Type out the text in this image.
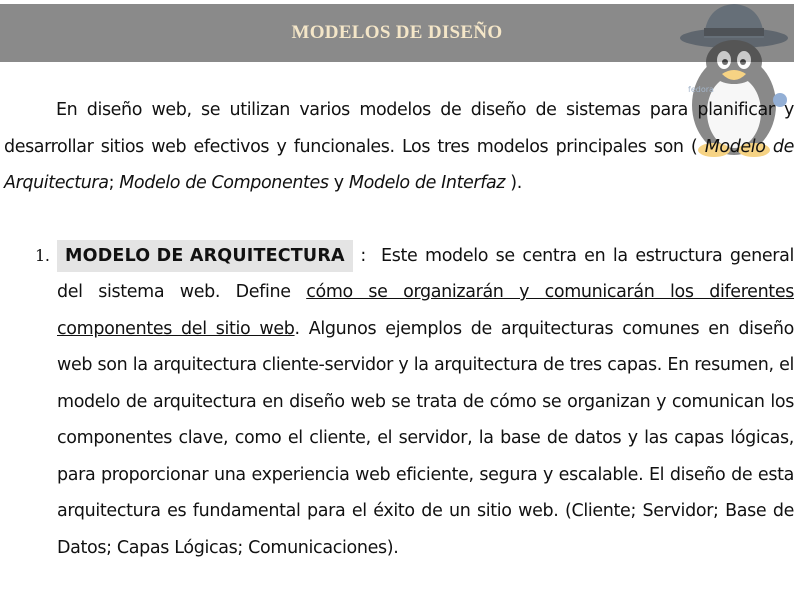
MODELOS DE DISEÑO
fedora

En diseño web, se utilizan varios modelos de diseño de sistemas para planificar y desarrollar sitios web efectivos y funcionales. Los tres modelos principales son ( Modelo de Arquitectura; Modelo de Componentes y Modelo de Interfaz ).

1. MODELO DE ARQUITECTURA : Este modelo se centra en la estructura general del sistema web. Define cómo se organizarán y comunicarán los diferentes componentes del sitio web. Algunos ejemplos de arquitecturas comunes en diseño web son la arquitectura cliente-servidor y la arquitectura de tres capas. En resumen, el modelo de arquitectura en diseño web se trata de cómo se organizan y comunican los componentes clave, como el cliente, el servidor, la base de datos y las capas lógicas, para proporcionar una experiencia web eficiente, segura y escalable. El diseño de esta arquitectura es fundamental para el éxito de un sitio web. (Cliente; Servidor; Base de Datos; Capas Lógicas; Comunicaciones).
